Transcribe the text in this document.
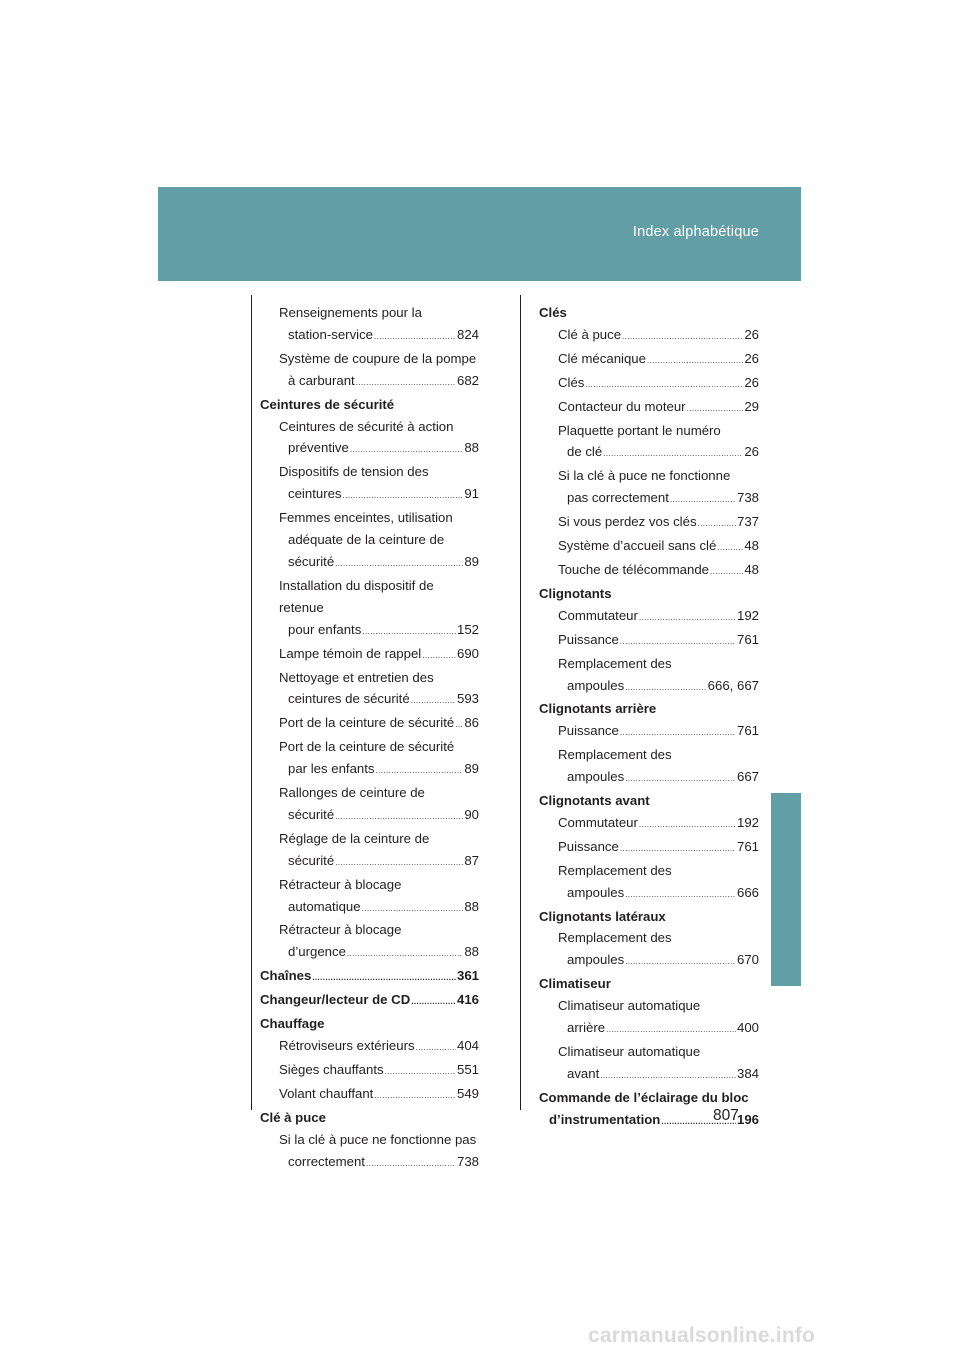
Index alphabétique
Renseignements pour la
station-service .....	824
Système de coupure de la pompe
à carburant .....	682
Ceintures de sécurité
Ceintures de sécurité à action
préventive .....	88
Dispositifs de tension des
ceintures .....	91
Femmes enceintes, utilisation
adéquate de la ceinture de
sécurité .....	89
Installation du dispositif de retenue
pour enfants .....	152
Lampe témoin de rappel .....	690
Nettoyage et entretien des
ceintures de sécurité .....	593
Port de la ceinture de sécurité ..... 86
Port de la ceinture de sécurité
par les enfants .....	89
Rallonges de ceinture de
sécurité .....	90
Réglage de la ceinture de
sécurité .....	87
Rétracteur à blocage
automatique .....	88
Rétracteur à blocage
d’urgence .....	88
Chaînes .....	361
Changeur/lecteur de CD .....	416
Chauffage
Rétroviseurs extérieurs .....	404
Sièges chauffants .....	551
Volant chauffant .....	549
Clé à puce
Si la clé à puce ne fonctionne pas
correctement .....	738
Clés
Clé à puce .....	26
Clé mécanique .....	26
Clés .....	26
Contacteur du moteur .....	29
Plaquette portant le numéro
de clé .....	26
Si la clé à puce ne fonctionne
pas correctement .....	738
Si vous perdez vos clés .....	737
Système d’accueil sans clé ..... 48
Touche de télécommande .....	48
Clignotants
Commutateur .....	192
Puissance .....	761
Remplacement des
ampoules .....	666, 667
Clignotants arrière
Puissance .....	761
Remplacement des
ampoules .....	667
Clignotants avant
Commutateur .....	192
Puissance .....	761
Remplacement des
ampoules .....	666
Clignotants latéraux
Remplacement des
ampoules .....	670
Climatiseur
Climatiseur automatique
arrière .....	400
Climatiseur automatique
avant .....	384
Commande de l’éclairage du bloc
d’instrumentation .....	196
807
carmanualsonline.info
